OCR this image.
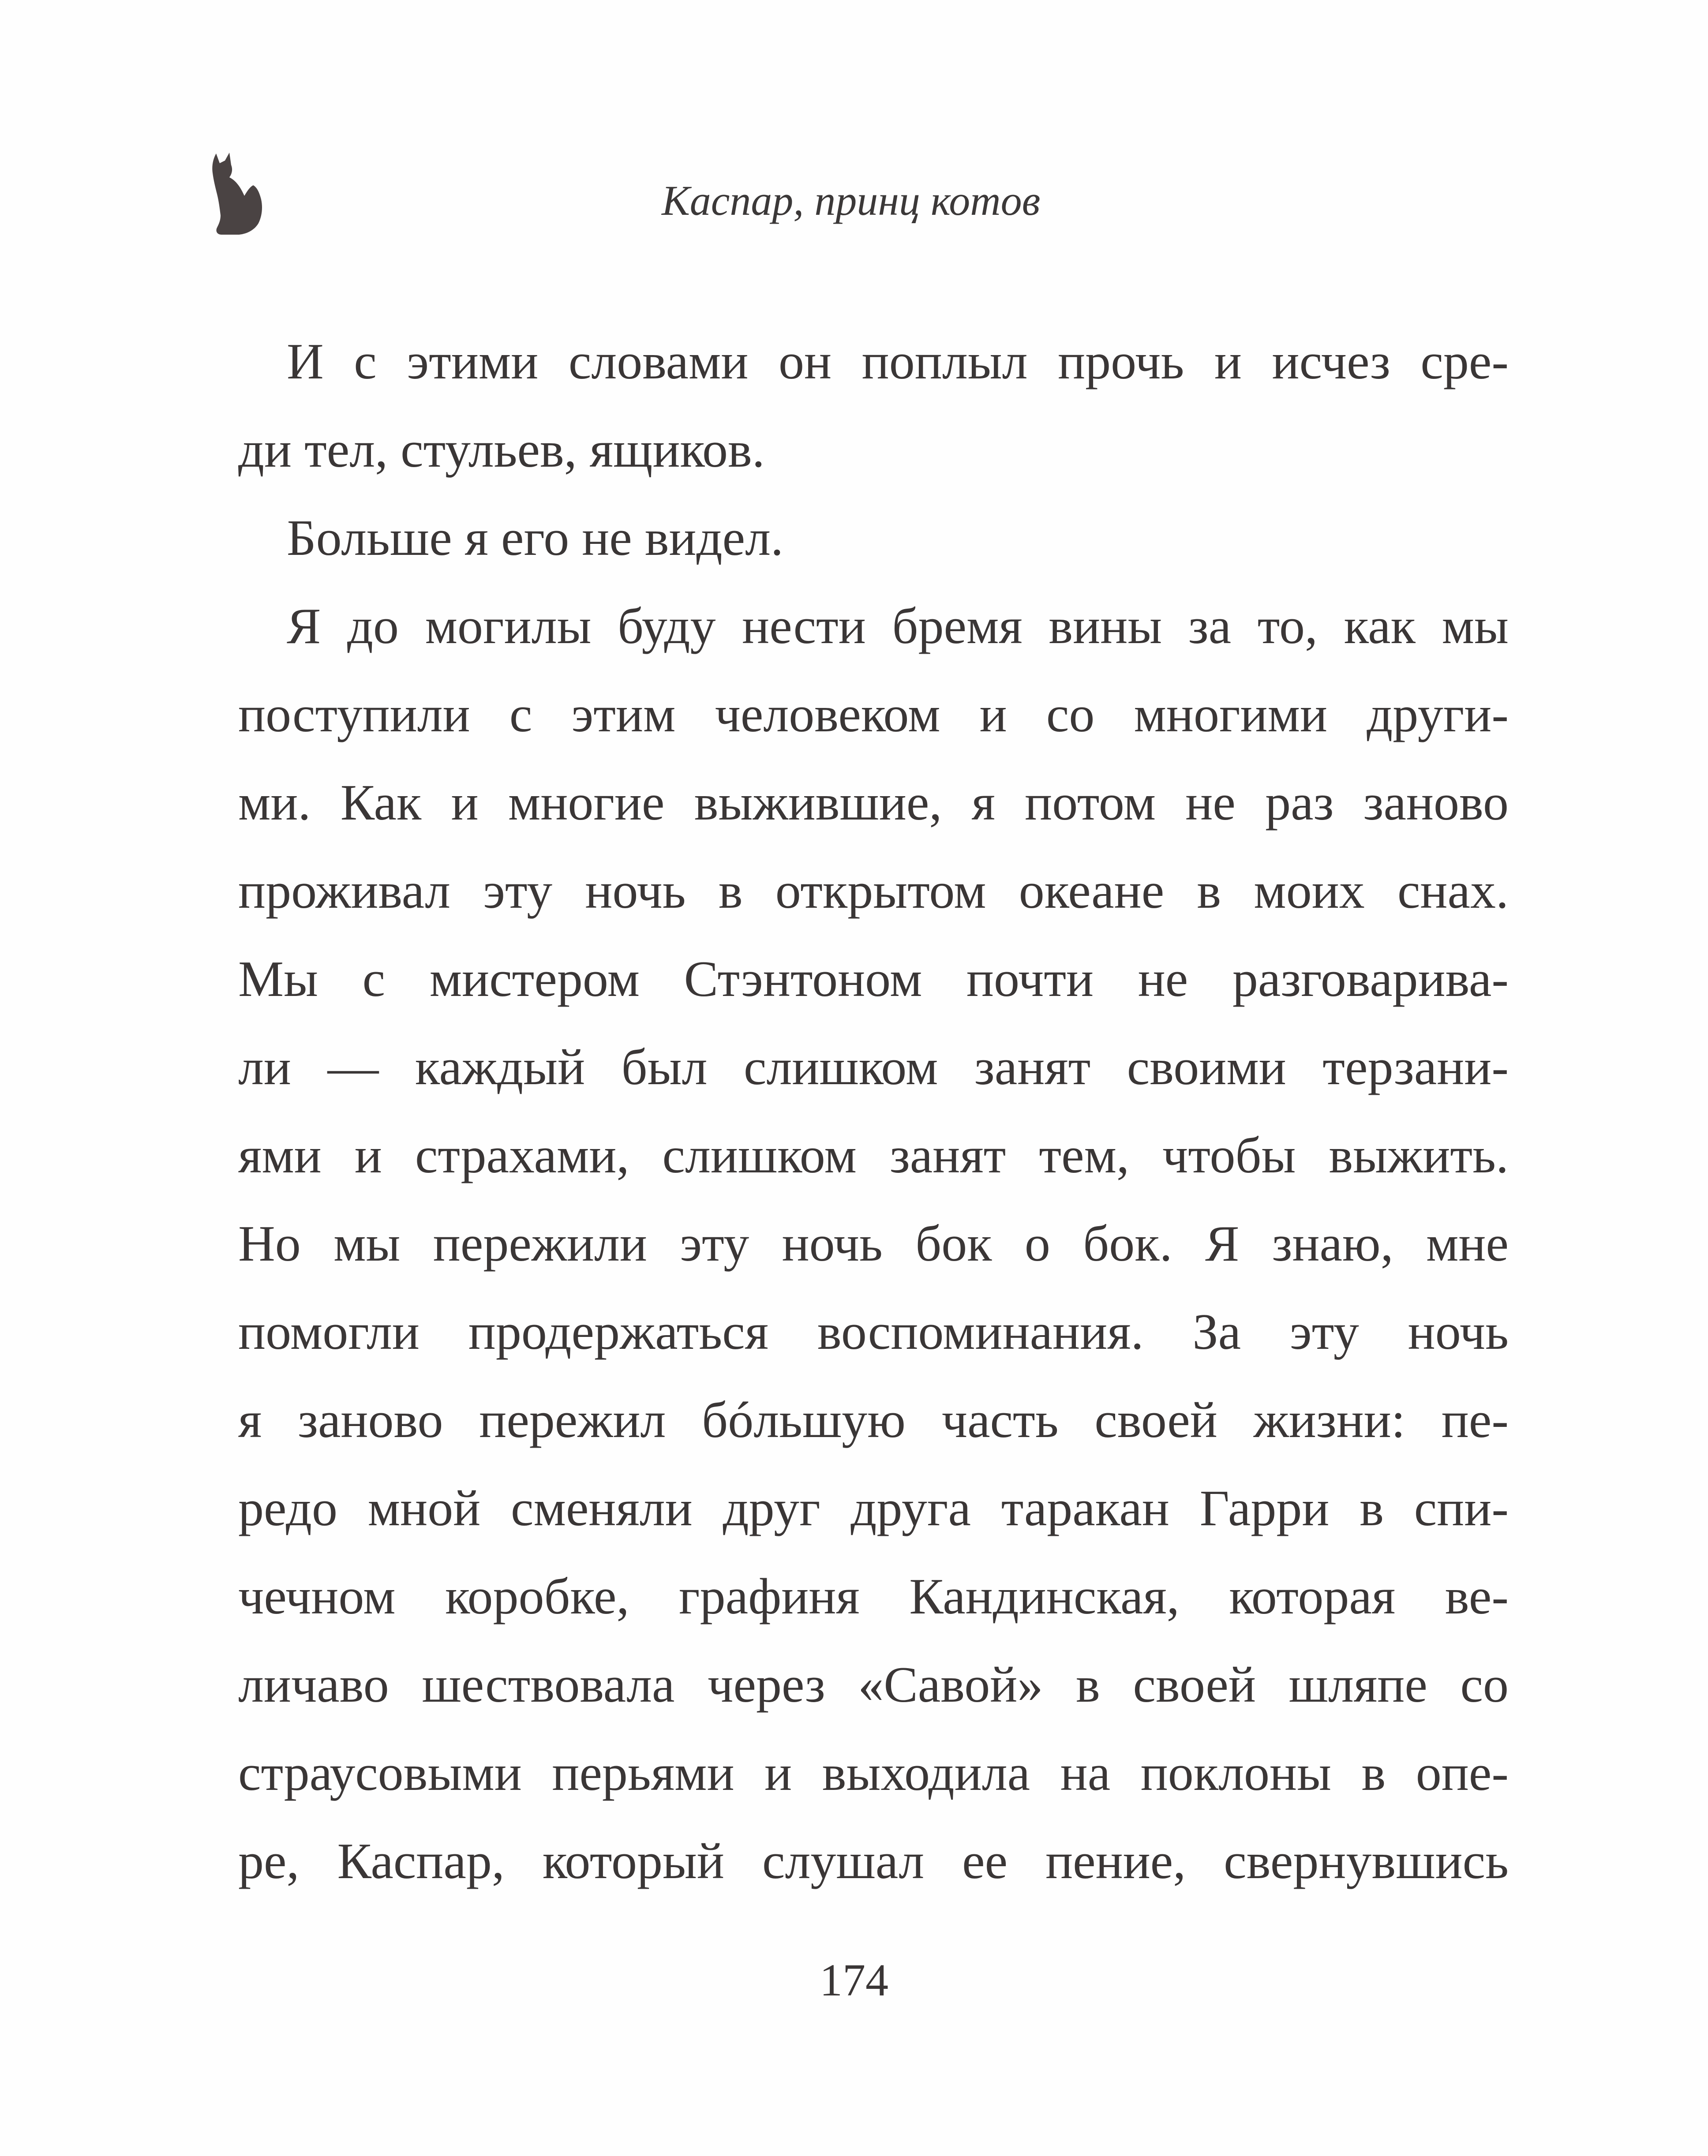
Каспар, принц котов
И с этими словами он поплыл прочь и исчез сре-
ди тел, стульев, ящиков.
Больше я его не видел.
Я до могилы буду нести бремя вины за то, как мы
поступили с этим человеком и со многими други-
ми. Как и многие выжившие, я потом не раз заново
проживал эту ночь в открытом океане в моих снах.
Мы с мистером Стэнтоном почти не разговарива-
ли — каждый был слишком занят своими терзани-
ями и страхами, слишком занят тем, чтобы выжить.
Но мы пережили эту ночь бок о бок. Я знаю, мне
помогли продержаться воспоминания. За эту ночь
я заново пережил бóльшую часть своей жизни: пе-
редо мной сменяли друг друга таракан Гарри в спи-
чечном коробке, графиня Кандинская, которая ве-
личаво шествовала через «Савой» в своей шляпе со
страусовыми перьями и выходила на поклоны в опе-
ре, Каспар, который слушал ее пение, свернувшись
174
